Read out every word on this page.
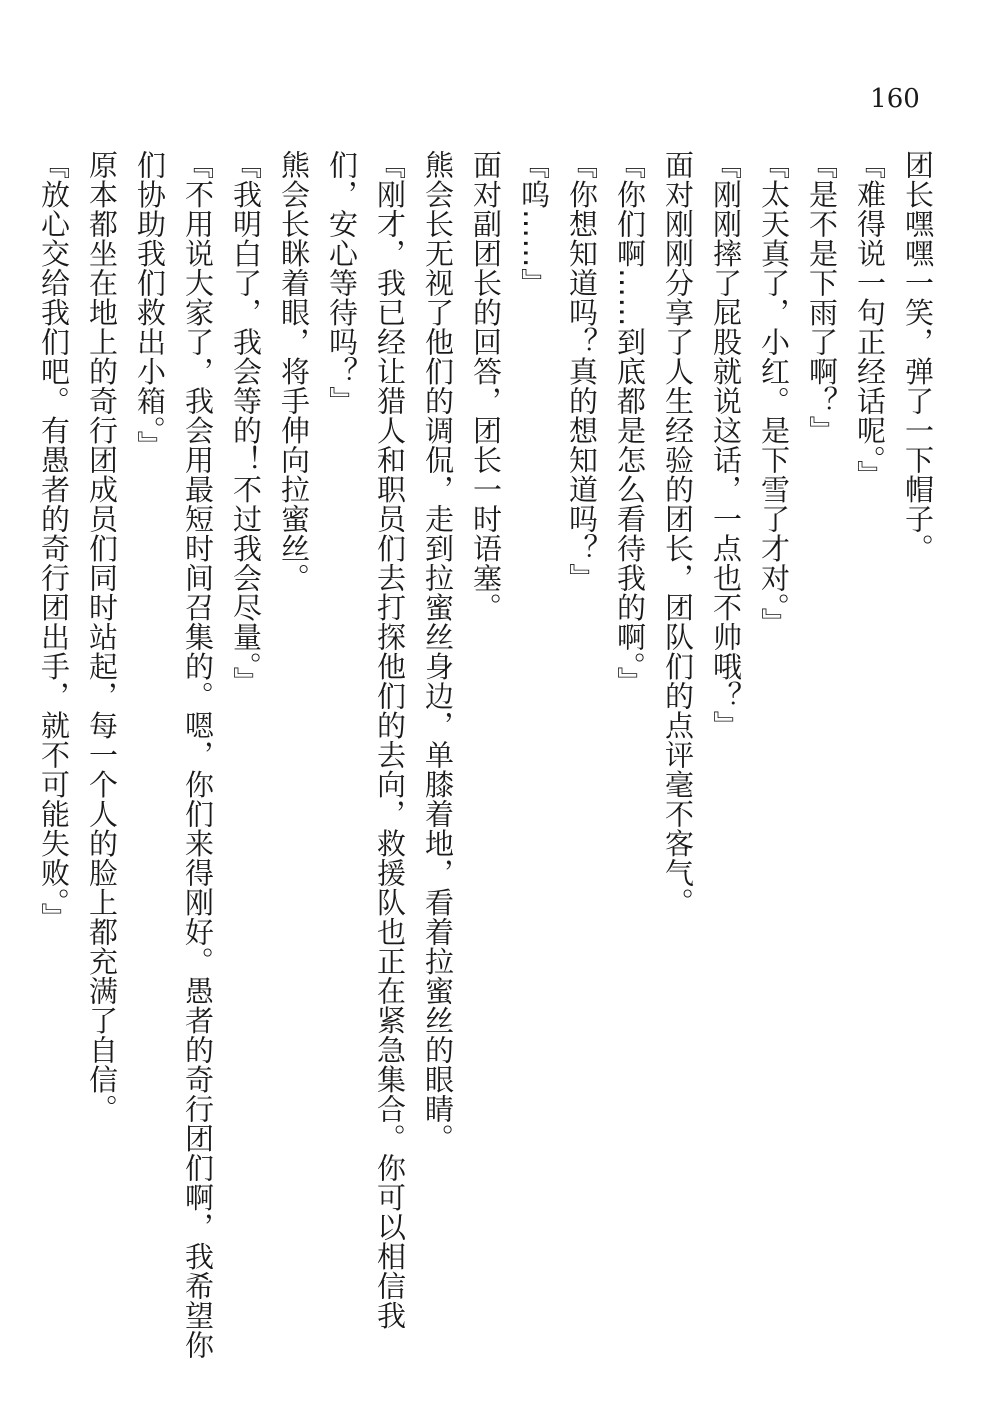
160

团长嘿嘿一笑，弹了一下帽子。

『难得说一句正经话呢。』

『是不是下雨了啊？』

『太天真了，小红。是下雪了才对。』

『刚刚摔了屁股就说这话，一点也不帅哦？』

面对刚刚分享了人生经验的团长，团队们的点评毫不客气。

『你们啊……到底都是怎么看待我的啊。』

『你想知道吗？真的想知道吗？』

『呜……』

面对副团长的回答，团长一时语塞。

熊会长无视了他们的调侃，走到拉蜜丝身边，单膝着地，看着拉蜜丝的眼睛。

『刚才，我已经让猎人和职员们去打探他们的去向，救援队也正在紧急集合。你可以相信我们，安心等待吗？』

熊会长眯着眼，将手伸向拉蜜丝。

『我明白了，我会等的！不过我会尽量。』

『不用说大家了，我会用最短时间召集的。嗯，你们来得刚好。愚者的奇行团们啊，我希望你们协助我们救出小箱。』

原本都坐在地上的奇行团成员们同时站起，每一个人的脸上都充满了自信。

『放心交给我们吧。有愚者的奇行团出手，就不可能失败。』
